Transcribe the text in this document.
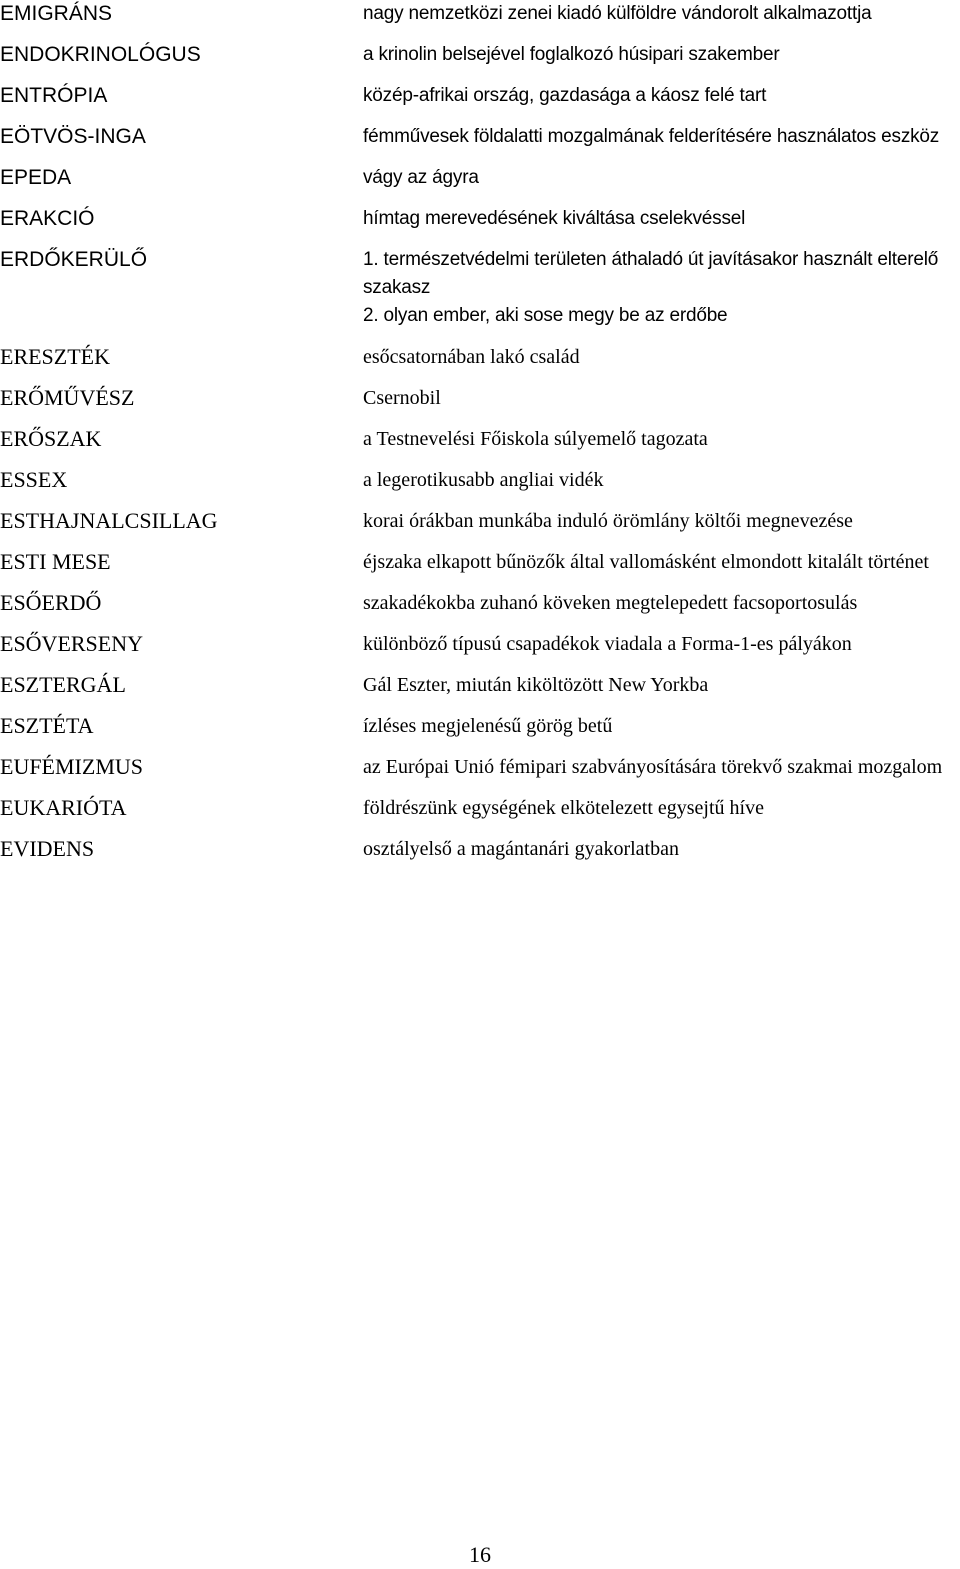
EMIGRÁNS	nagy nemzetközi zenei kiadó külföldre vándorolt alkalmazottja
ENDOKRINOLÓGUS	a krinolin belsejével foglalkozó húsipari szakember
ENTRÓPIA	közép-afrikai ország, gazdasága a káosz felé tart
EÖTVÖS-INGA	fémművesek földalatti mozgalmának felderítésére használatos eszköz
EPEDA	vágy az ágyra
ERAKCIÓ	hímtag merevedésének kiváltása cselekvéssel
ERDŐKERÜLŐ	1. természetvédelmi területen áthaladó út javításakor használt elterelő szakasz
2. olyan ember, aki sose megy be az erdőbe
ERESZTÉK	esőcsatornában lakó család
ERŐMŰVÉSZ	Csernobil
ERŐSZAK	a Testnevelési Főiskola súlyemelő tagozata
ESSEX	a legerotikusabb angliai vidék
ESTHAJNALCSILLAG	korai órákban munkába induló örömlány költői megnevezése
ESTI MESE	éjszaka elkapott bűnözők által vallomásként elmondott kitalált történet
ESŐERDŐ	szakadékokba zuhanó köveken megtelepedett facsoportosulás
ESŐVERSENY	különböző típusú csapadékok viadala a Forma-1-es pályákon
ESZTERGÁL	Gál Eszter, miután kiköltözött New Yorkba
ESZTÉTA	ízléses megjelenésű görög betű
EUFÉMIZMUS	az Európai Unió fémipari szabványosítására törekvő szakmai mozgalom
EUKARIÓTA	földrészünk egységének elkötelezett egysejtű híve
EVIDENS	osztályelső a magántanári gyakorlatban
16
